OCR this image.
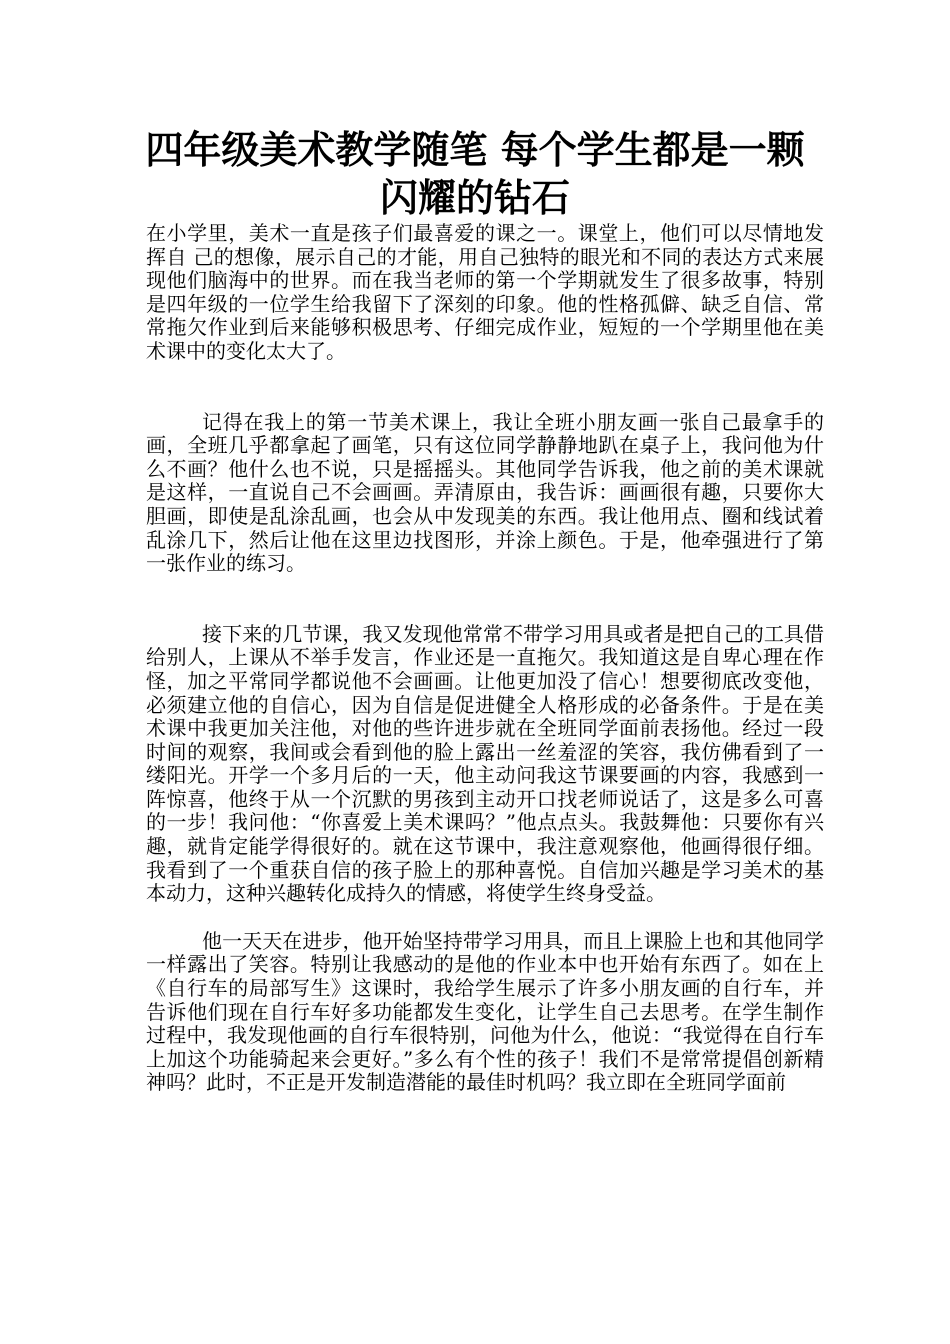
四年级美术教学随笔 每个学生都是一颗闪耀的钻石

在小学里，美术一直是孩子们最喜爱的课之一。课堂上，他们可以尽情地发挥自 己的想像，展示自己的才能，用自己独特的眼光和不同的表达方式来展现他们脑海中的世界。而在我当老师的第一个学期就发生了很多故事，特别是四年级的一位学生给我留下了深刻的印象。他的性格孤僻、缺乏自信、常常拖欠作业到后来能够积极思考、仔细完成作业，短短的一个学期里他在美术课中的变化太大了。

记得在我上的第一节美术课上，我让全班小朋友画一张自己最拿手的画，全班几乎都拿起了画笔，只有这位同学静静地趴在桌子上，我问他为什么不画？他什么也不说，只是摇摇头。其他同学告诉我，他之前的美术课就是这样，一直说自己不会画画。弄清原由，我告诉：画画很有趣，只要你大胆画，即使是乱涂乱画，也会从中发现美的东西。我让他用点、圈和线试着乱涂几下，然后让他在这里边找图形，并涂上颜色。于是，他牵强进行了第一张作业的练习。

接下来的几节课，我又发现他常常不带学习用具或者是把自己的工具借给别人，上课从不举手发言，作业还是一直拖欠。我知道这是自卑心理在作怪，加之平常同学都说他不会画画。让他更加没了信心！想要彻底改变他，必须建立他的自信心，因为自信是促进健全人格形成的必备条件。于是在美术课中我更加关注他，对他的些许进步就在全班同学面前表扬他。经过一段时间的观察，我间或会看到他的脸上露出一丝羞涩的笑容，我仿佛看到了一缕阳光。开学一个多月后的一天，他主动问我这节课要画的内容，我感到一阵惊喜，他终于从一个沉默的男孩到主动开口找老师说话了，这是多么可喜的一步！我问他：“你喜爱上美术课吗？”他点点头。我鼓舞他：只要你有兴趣，就肯定能学得很好的。就在这节课中，我注意观察他，他画得很仔细。我看到了一个重获自信的孩子脸上的那种喜悦。自信加兴趣是学习美术的基本动力，这种兴趣转化成持久的情感，将使学生终身受益。

他一天天在进步，他开始坚持带学习用具，而且上课脸上也和其他同学一样露出了笑容。特别让我感动的是他的作业本中也开始有东西了。如在上《自行车的局部写生》这课时，我给学生展示了许多小朋友画的自行车，并告诉他们现在自行车好多功能都发生变化，让学生自己去思考。在学生制作过程中，我发现他画的自行车很特别，问他为什么，他说：“我觉得在自行车上加这个功能骑起来会更好。”多么有个性的孩子！我们不是常常提倡创新精神吗？此时，不正是开发制造潜能的最佳时机吗？我立即在全班同学面前
